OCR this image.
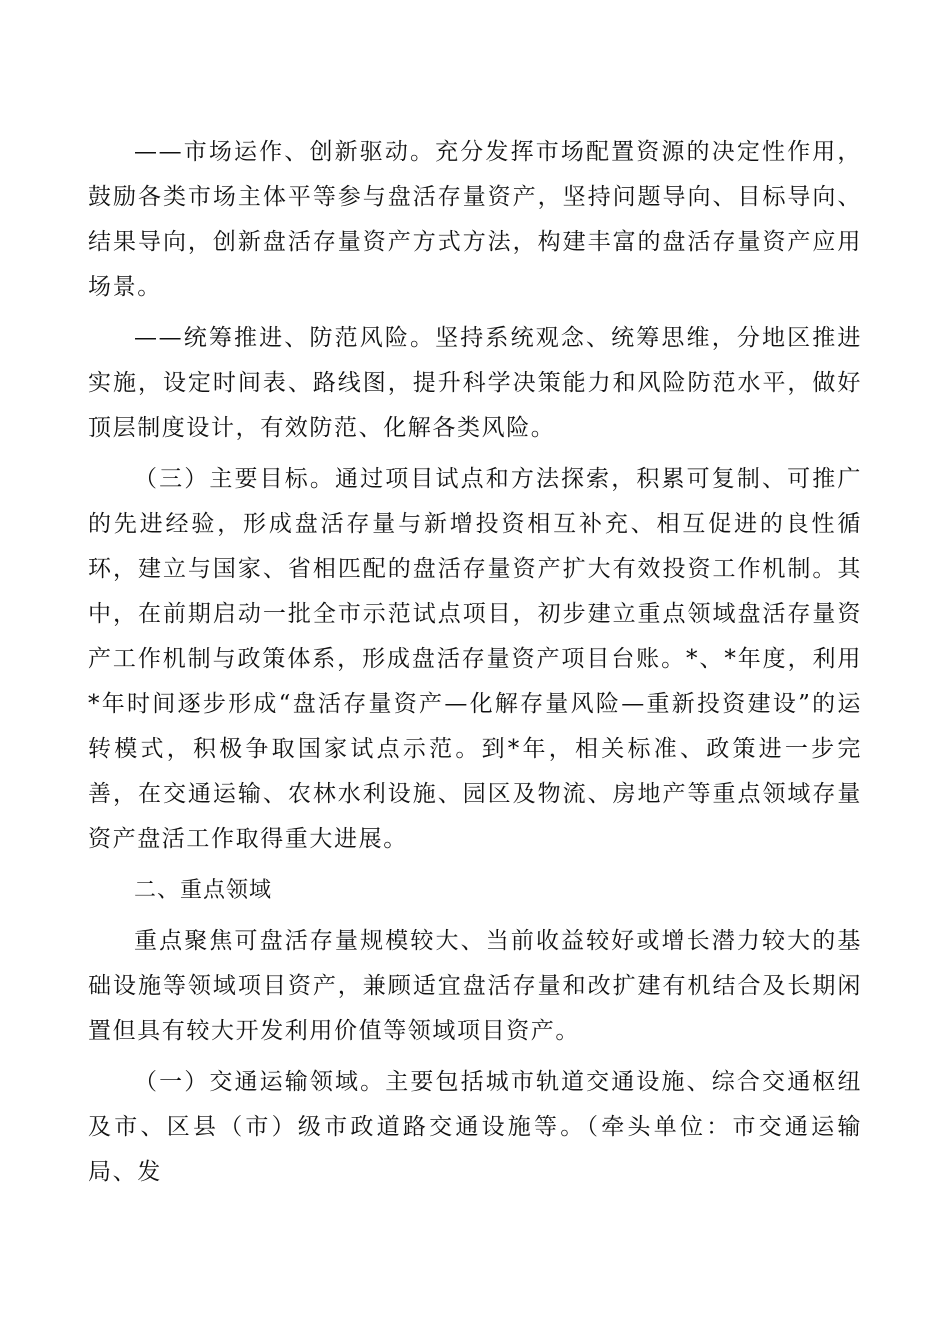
——市场运作、创新驱动。充分发挥市场配置资源的决定性作用，鼓励各类市场主体平等参与盘活存量资产，坚持问题导向、目标导向、结果导向，创新盘活存量资产方式方法，构建丰富的盘活存量资产应用场景。

——统筹推进、防范风险。坚持系统观念、统筹思维，分地区推进实施，设定时间表、路线图，提升科学决策能力和风险防范水平，做好顶层制度设计，有效防范、化解各类风险。

（三）主要目标。通过项目试点和方法探索，积累可复制、可推广的先进经验，形成盘活存量与新增投资相互补充、相互促进的良性循环，建立与国家、省相匹配的盘活存量资产扩大有效投资工作机制。其中，在前期启动一批全市示范试点项目，初步建立重点领域盘活存量资产工作机制与政策体系，形成盘活存量资产项目台账。*、*年度，利用*年时间逐步形成“盘活存量资产—化解存量风险—重新投资建设”的运转模式，积极争取国家试点示范。到*年，相关标准、政策进一步完善，在交通运输、农林水利设施、园区及物流、房地产等重点领域存量资产盘活工作取得重大进展。

二、重点领域

重点聚焦可盘活存量规模较大、当前收益较好或增长潜力较大的基础设施等领域项目资产，兼顾适宜盘活存量和改扩建有机结合及长期闲置但具有较大开发利用价值等领域项目资产。

（一）交通运输领域。主要包括城市轨道交通设施、综合交通枢纽及市、区县（市）级市政道路交通设施等。（牵头单位：市交通运输局、发
